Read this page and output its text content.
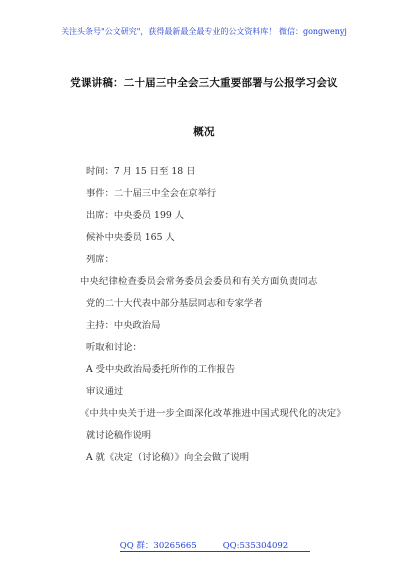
关注头条号"公文研究"，获得最新最全最专业的公文资料库！ 微信：gongwenyj
党课讲稿：二十届三中全会三大重要部署与公报学习会议
概况

时间：7 月 15 日至 18 日

事件：二十届三中全会在京举行

出席：中央委员 199 人

候补中央委员 165 人

列席：

中央纪律检查委员会常务委员会委员和有关方面负责同志

党的二十大代表中部分基层同志和专家学者

主持：中央政治局

听取和讨论：

A 受中央政治局委托所作的工作报告

审议通过

《中共中央关于进一步全面深化改革推进中国式现代化的决定》

就讨论稿作说明

A 就《决定（讨论稿）》向全会做了说明

QQ 群：30265665	QQ:535304092
